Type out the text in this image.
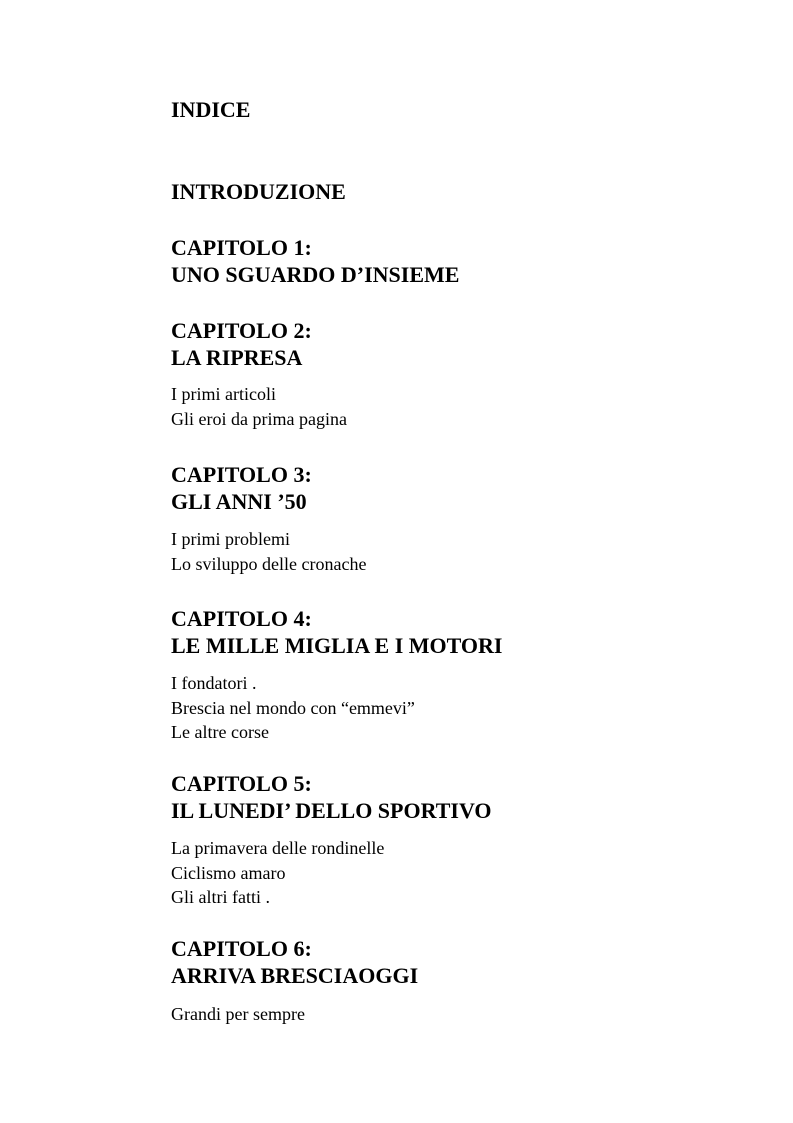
INDICE
INTRODUZIONE
CAPITOLO 1:
UNO SGUARDO D’INSIEME
CAPITOLO 2:
LA RIPRESA
I primi articoli
Gli eroi da prima pagina
CAPITOLO 3:
GLI ANNI ’50
I primi problemi
Lo sviluppo delle cronache
CAPITOLO 4:
LE MILLE MIGLIA E I MOTORI
I fondatori .
Brescia nel mondo con “emmevi”
Le altre corse
CAPITOLO 5:
IL LUNEDI’ DELLO SPORTIVO
La primavera delle rondinelle
Ciclismo amaro
Gli altri fatti .
CAPITOLO 6:
ARRIVA BRESCIAOGGI
Grandi per sempre
